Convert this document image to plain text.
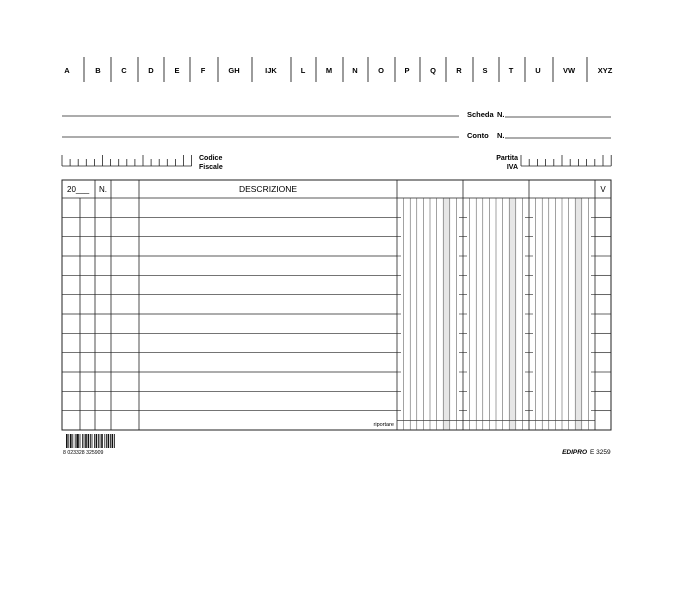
A	B	C	D	E	F	GH	IJK	L	M	N	O	P	Q	R	S	T	U	VW	XYZ
Scheda N.
Conto N.
Codice
Fiscale
Partita
IVA
20___ N.	DESCRIZIONE	V
riportare
8 023328 325909	EDIPRO E 3259
